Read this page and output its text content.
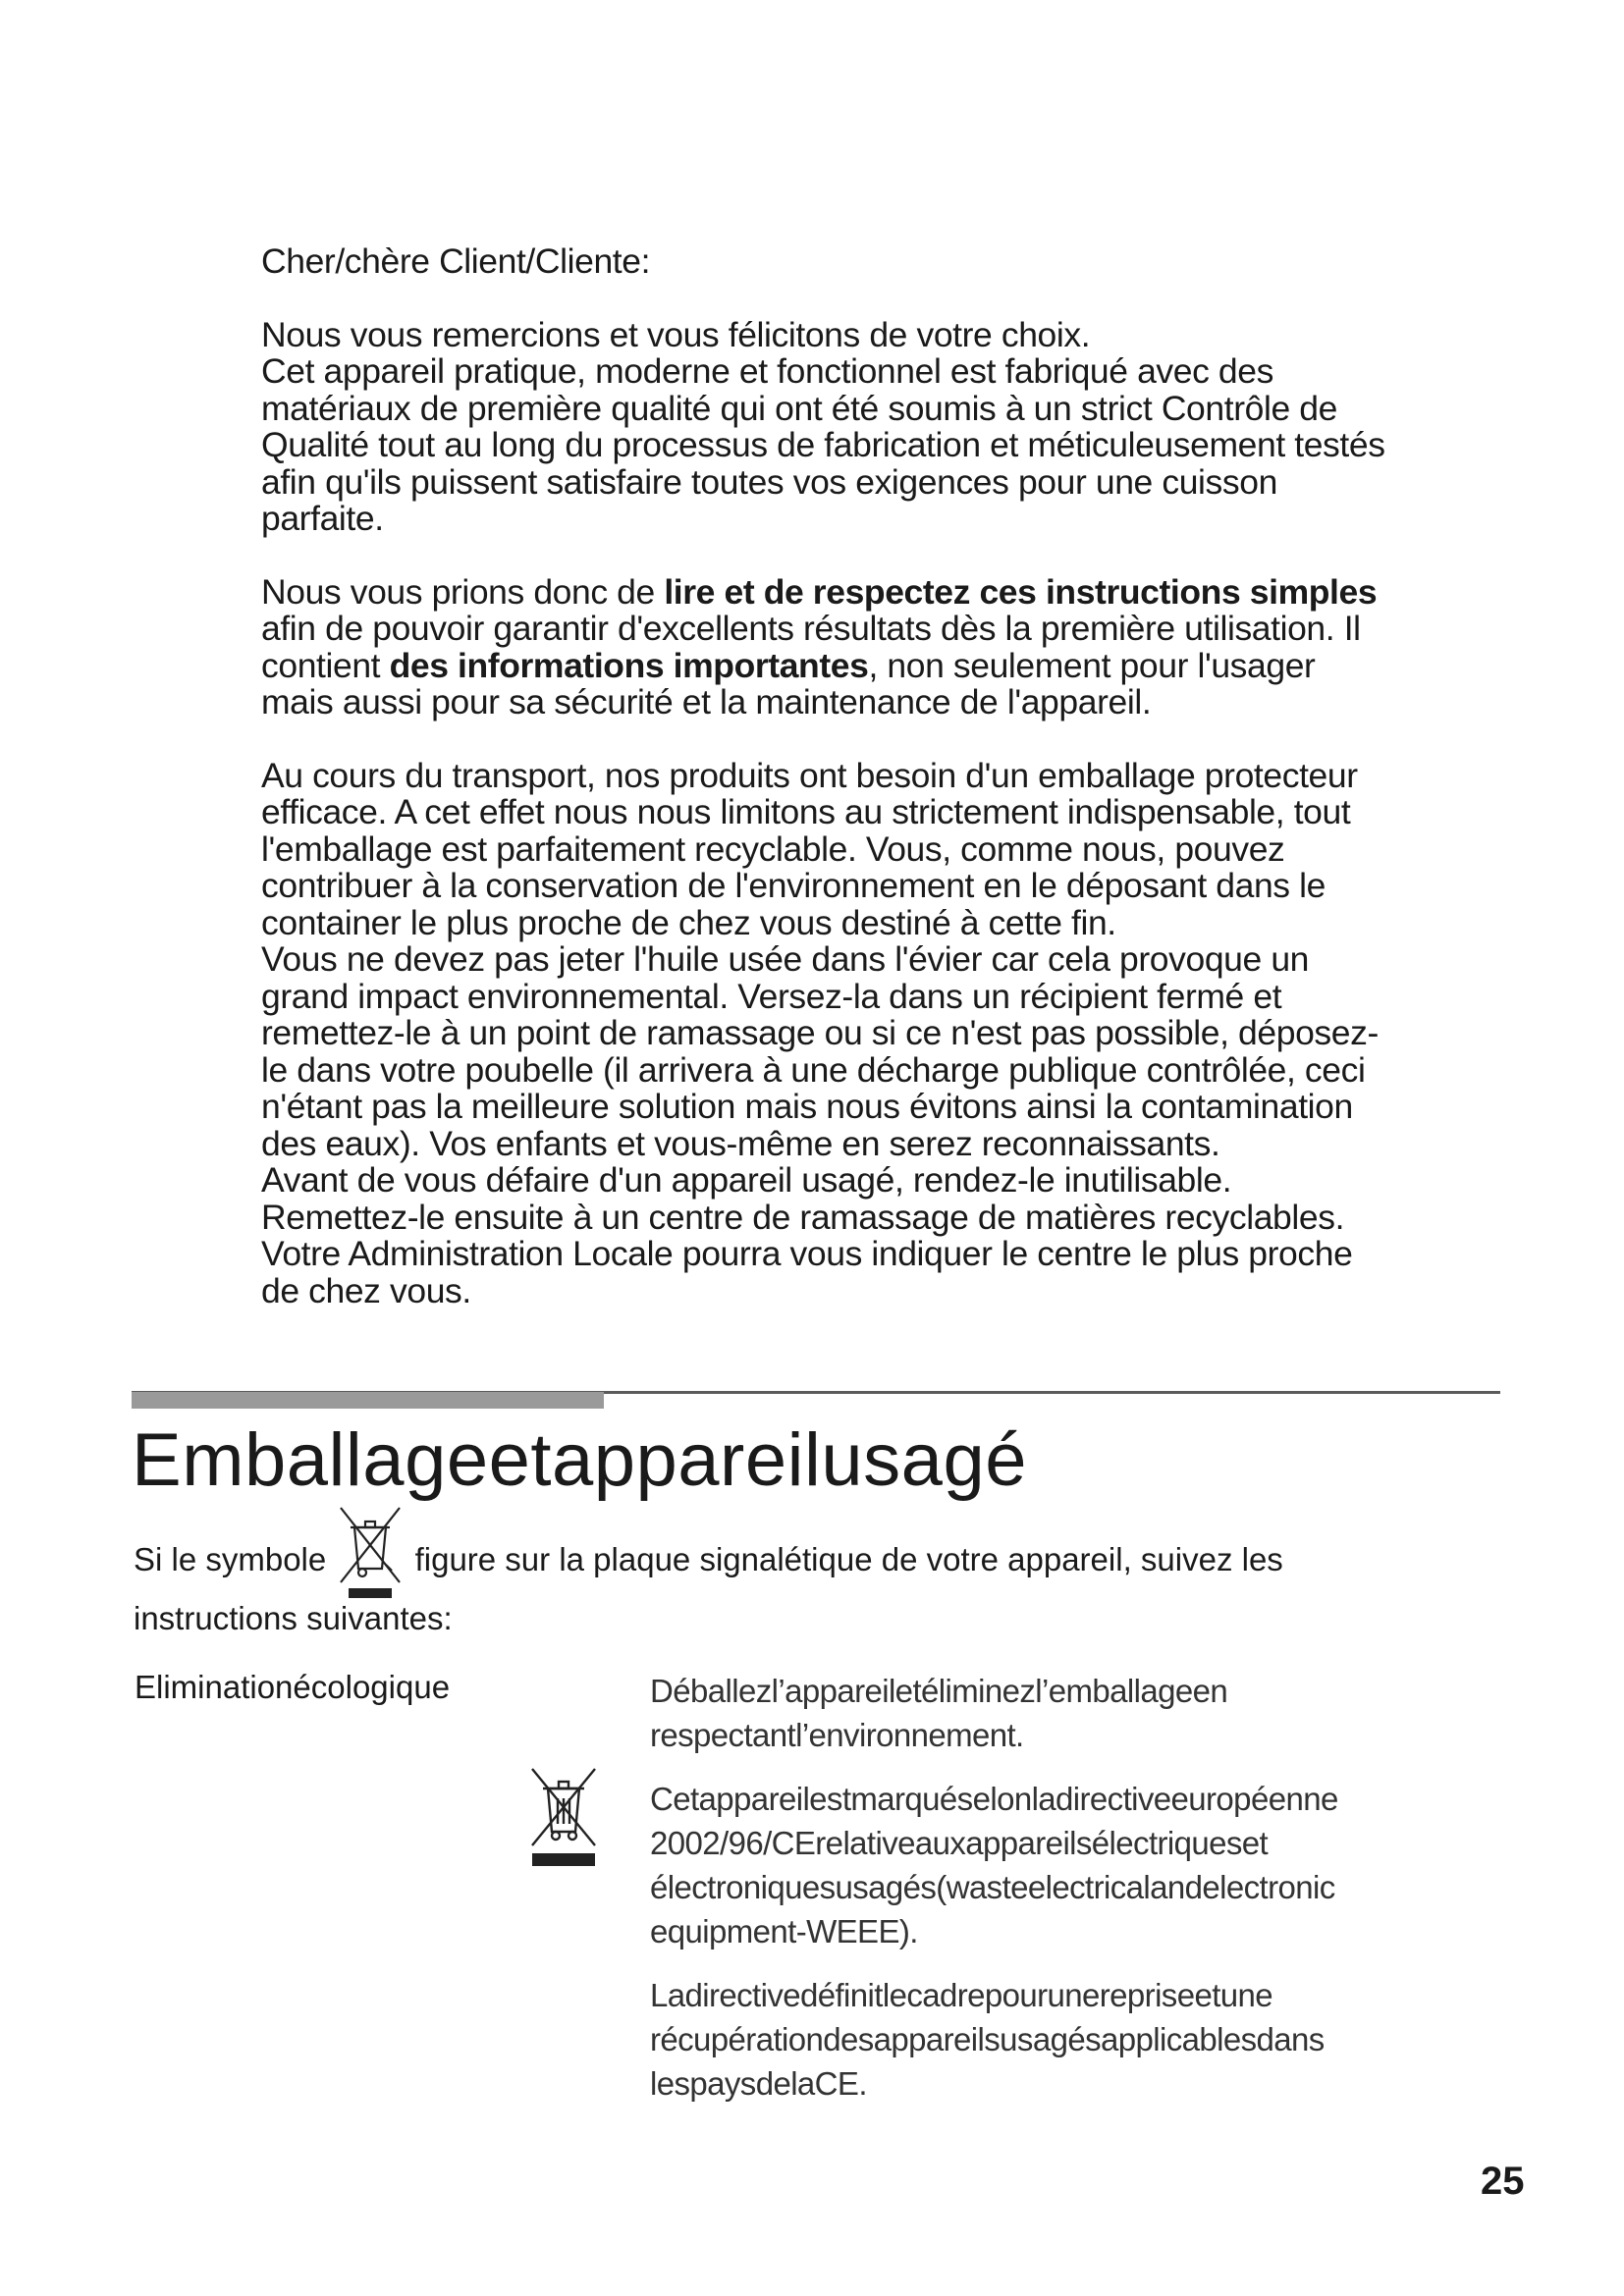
Cher/chère Client/Cliente:

Nous vous remercions et vous félicitons de votre choix.
Cet appareil pratique, moderne et fonctionnel est fabriqué avec des matériaux de première qualité qui ont été soumis à un strict Contrôle de Qualité tout au long du processus de fabrication et méticuleusement testés afin qu'ils puissent satisfaire toutes vos exigences pour une cuisson parfaite.

Nous vous prions donc de lire et de respectez ces instructions simples afin de pouvoir garantir d'excellents résultats dès la première utilisation. Il contient des informations importantes, non seulement pour l'usager mais aussi pour sa sécurité et la maintenance de l'appareil.

Au cours du transport, nos produits ont besoin d'un emballage protecteur efficace. A cet effet nous nous limitons au strictement indispensable, tout l'emballage est parfaitement recyclable. Vous, comme nous, pouvez contribuer à la conservation de l'environnement en le déposant dans le container le plus proche de chez vous destiné à cette fin.
Vous ne devez pas jeter l'huile usée dans l'évier car cela provoque un grand impact environnemental. Versez-la dans un récipient fermé et remettez-le à un point de ramassage ou si ce n'est pas possible, déposez-le dans votre poubelle (il arrivera à une décharge publique contrôlée, ceci n'étant pas la meilleure solution mais nous évitons ainsi la contamination des eaux). Vos enfants et vous-même en serez reconnaissants.
Avant de vous défaire d'un appareil usagé, rendez-le inutilisable. Remettez-le ensuite à un centre de ramassage de matières recyclables. Votre Administration Locale pourra vous indiquer le centre le plus proche de chez vous.

Emballageetappareilusagé
Si le symbole	figure sur la plaque signalétique de votre appareil, suivez les instructions suivantes:
Eliminationécologique	Déballezl’appareiletéliminezl’emballageen respectantl’environnement.

Cetappareilestmarquéselonladirectiveeuropéenne 2002/96/CErelativeauxappareilsélectriqueset électroniquesusagés(wasteelectricalandelectronic equipment-WEEE).

Ladirectivedéfinitlecadrepourunerepriseetune récupérationdesappareilsusagésapplicablesdans lespaysdelaCE.

25
